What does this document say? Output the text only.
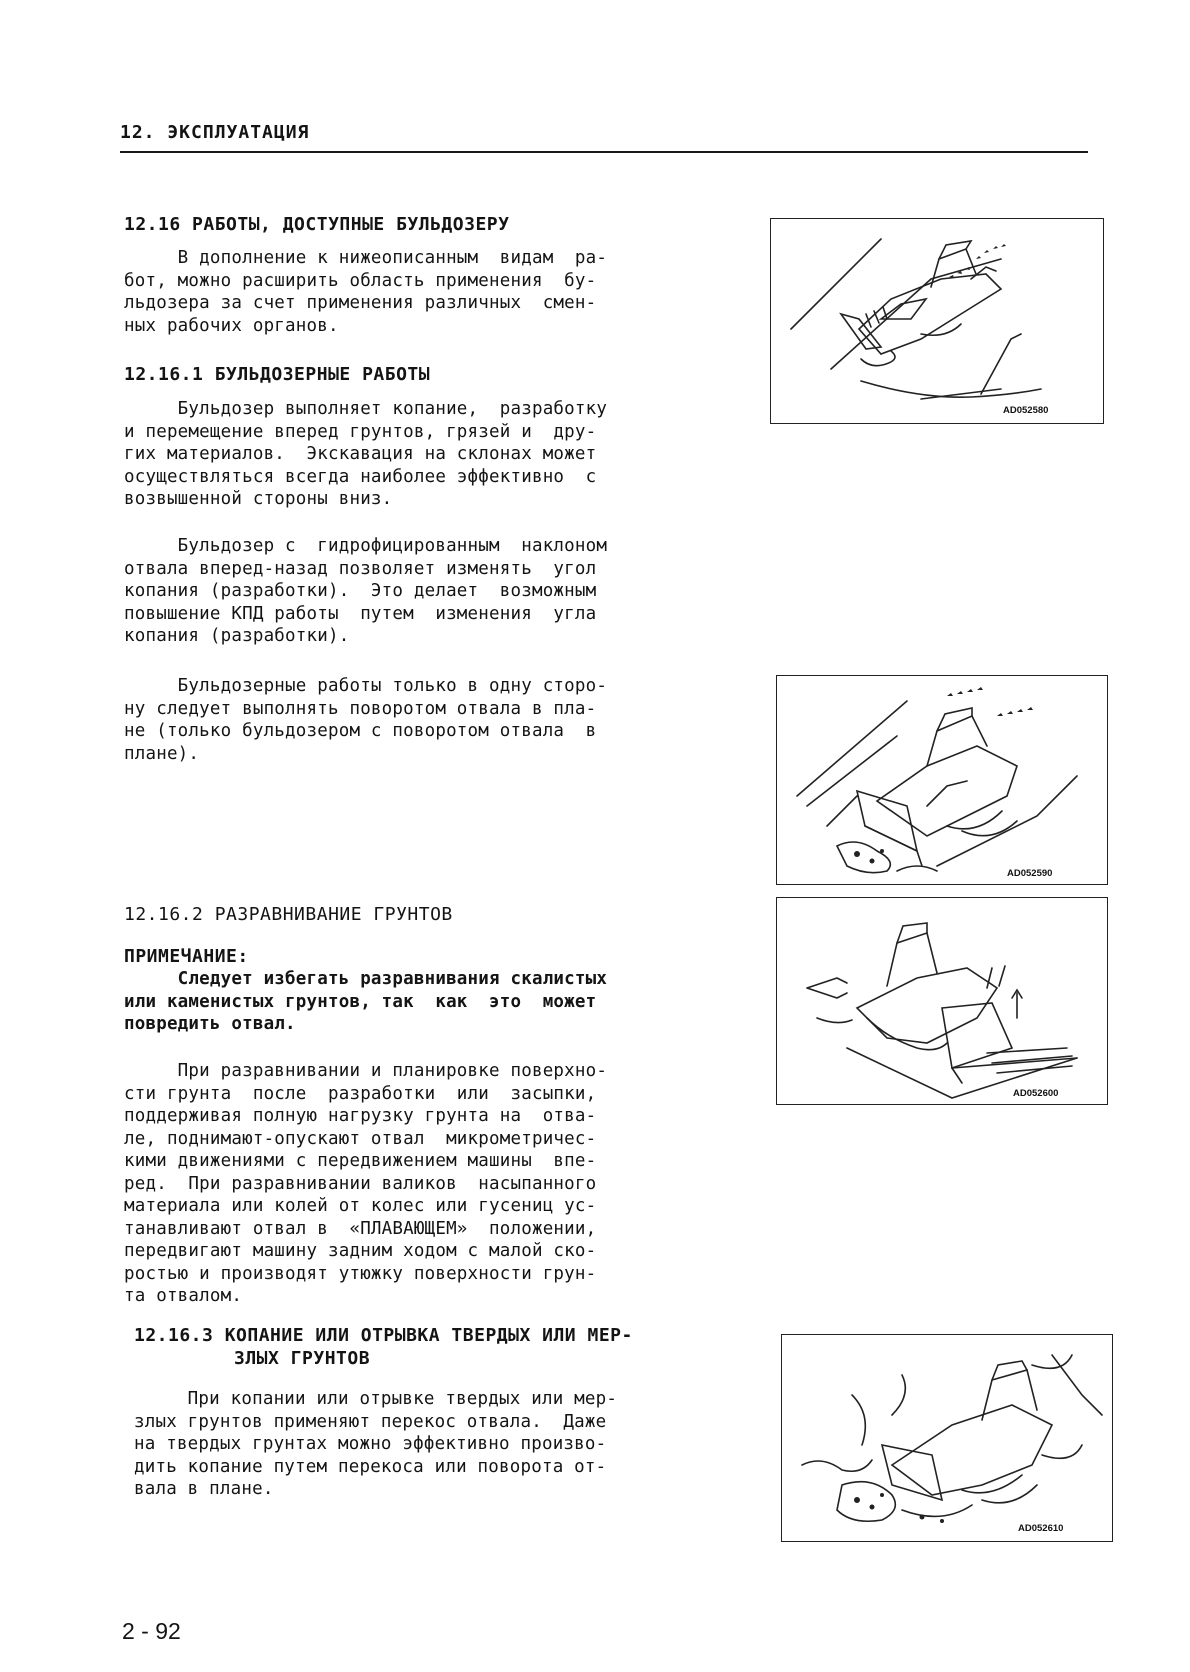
12. ЭКСПЛУАТАЦИЯ
12.16 РАБОТЫ, ДОСТУПНЫЕ БУЛЬДОЗЕРУ
В дополнение к нижеописанным  видам  ра-
бот, можно расширить область применения  бу-
льдозера за счет применения различных  смен-
ных рабочих органов.
12.16.1 БУЛЬДОЗЕРНЫЕ РАБОТЫ
Бульдозер выполняет копание,  разработку
и перемещение вперед грунтов, грязей и  дру-
гих материалов.  Экскавация на склонах может
осуществляться всегда наиболее эффективно  с
возвышенной стороны вниз.
Бульдозер с  гидрофицированным  наклоном
отвала вперед-назад позволяет изменять  угол
копания (разработки).  Это делает  возможным
повышение КПД работы  путем  изменения  угла
копания (разработки).
Бульдозерные работы только в одну сторо-
ну следует выполнять поворотом отвала в пла-
не (только бульдозером с поворотом отвала  в
плане).
12.16.2 РАЗРАВНИВАНИЕ ГРУНТОВ
ПРИМЕЧАНИЕ:
Следует избегать разравнивания скалистых
или каменистых грунтов, так  как  это  может
повредить отвал.
При разравнивании и планировке поверхно-
сти грунта  после  разработки  или  засыпки,
поддерживая полную нагрузку грунта на  отва-
ле, поднимают-опускают отвал  микрометричес-
кими движениями с передвижением машины  впе-
ред.  При разравнивании валиков  насыпанного
материала или колей от колес или гусениц ус-
танавливают отвал в  «ПЛАВАЮЩЕМ»  положении,
передвигают машину задним ходом с малой ско-
ростью и производят утюжку поверхности грун-
та отвалом.
12.16.3 КОПАНИЕ ИЛИ ОТРЫВКА ТВЕРДЫХ ИЛИ МЕР-
ЗЛЫХ ГРУНТОВ
При копании или отрывке твердых или мер-
злых грунтов применяют перекос отвала.  Даже
на твердых грунтах можно эффективно произво-
дить копание путем перекоса или поворота от-
вала в плане.
AD052580
AD052590
AD052600
AD052610
2 - 92
